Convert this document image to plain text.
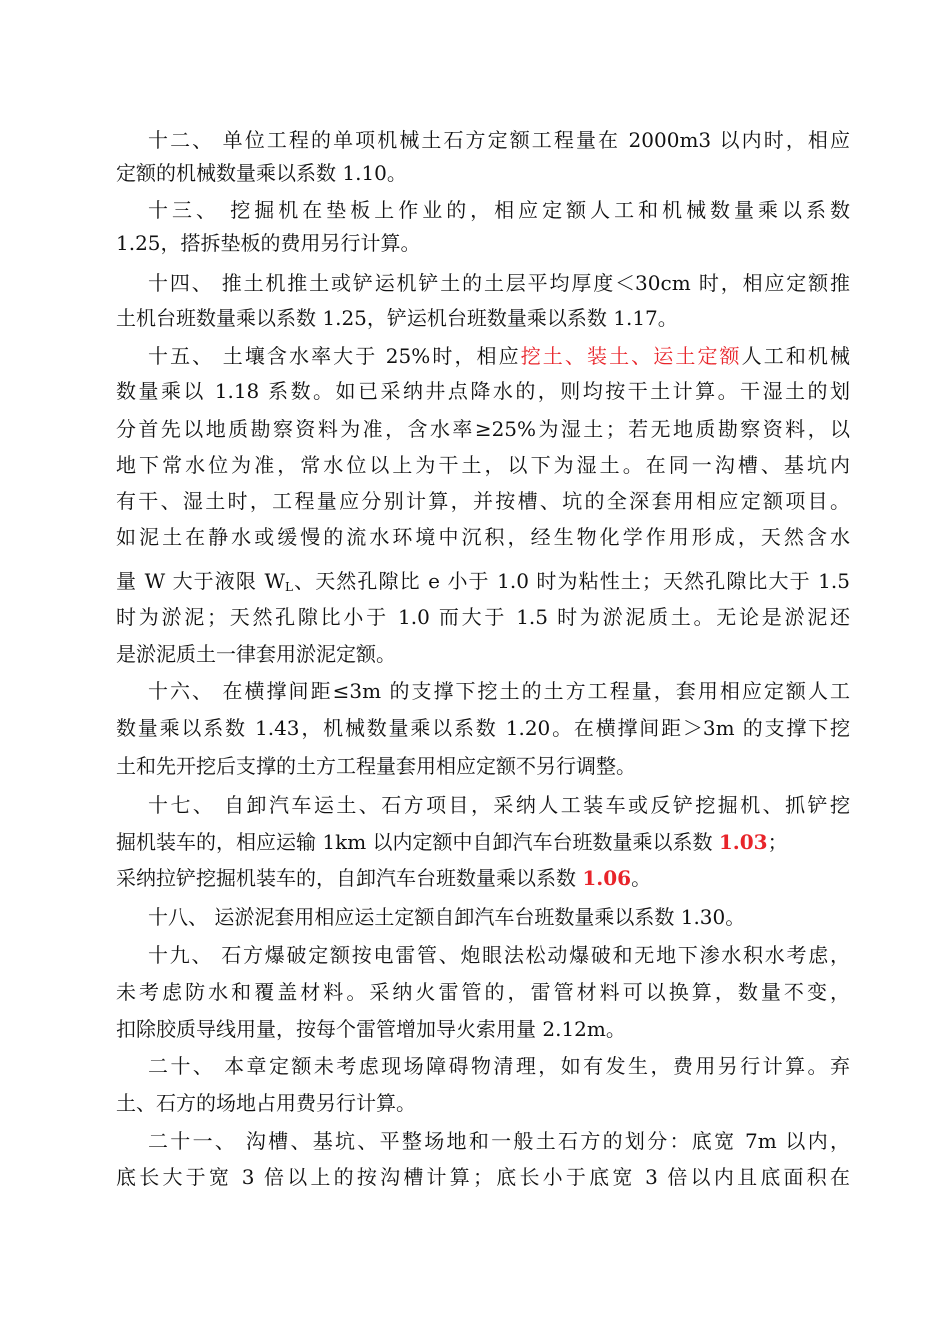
十二、 单位工程的单项机械土石方定额工程量在 2000m3 以内时，相应
定额的机械数量乘以系数 1.10。
十三、 挖掘机在垫板上作业的，相应定额人工和机械数量乘以系数
1.25，搭拆垫板的费用另行计算。
十四、 推土机推土或铲运机铲土的土层平均厚度＜30cm 时，相应定额推
土机台班数量乘以系数 1.25，铲运机台班数量乘以系数 1.17。
十五、 土壤含水率大于 25%时，相应挖土、装土、运土定额人工和机械
数量乘以 1.18 系数。如已采纳井点降水的，则均按干土计算。干湿土的划
分首先以地质勘察资料为准，含水率≥25%为湿土；若无地质勘察资料，以
地下常水位为准，常水位以上为干土，以下为湿土。在同一沟槽、基坑内
有干、湿土时，工程量应分别计算，并按槽、坑的全深套用相应定额项目。
如泥土在静水或缓慢的流水环境中沉积，经生物化学作用形成，天然含水
量 W 大于液限 $W_L$、天然孔隙比 e 小于 1.0 时为粘性土；天然孔隙比大于 1.5
时为淤泥；天然孔隙比小于 1.0 而大于 1.5 时为淤泥质土。无论是淤泥还
是淤泥质土一律套用淤泥定额。
十六、 在横撑间距≤3m 的支撑下挖土的土方工程量，套用相应定额人工
数量乘以系数 1.43，机械数量乘以系数 1.20。在横撑间距＞3m 的支撑下挖
土和先开挖后支撑的土方工程量套用相应定额不另行调整。
十七、 自卸汽车运土、石方项目，采纳人工装车或反铲挖掘机、抓铲挖
掘机装车的，相应运输 1km 以内定额中自卸汽车台班数量乘以系数 1.03；
采纳拉铲挖掘机装车的，自卸汽车台班数量乘以系数 1.06。
十八、 运淤泥套用相应运土定额自卸汽车台班数量乘以系数 1.30。
十九、 石方爆破定额按电雷管、炮眼法松动爆破和无地下渗水积水考虑，
未考虑防水和覆盖材料。采纳火雷管的，雷管材料可以换算，数量不变，
扣除胶质导线用量，按每个雷管增加导火索用量 2.12m。
二十、 本章定额未考虑现场障碍物清理，如有发生，费用另行计算。弃
土、石方的场地占用费另行计算。
二十一、 沟槽、基坑、平整场地和一般土石方的划分：底宽 7m 以内，
底长大于宽 3 倍以上的按沟槽计算；底长小于底宽 3 倍以内且底面积在
